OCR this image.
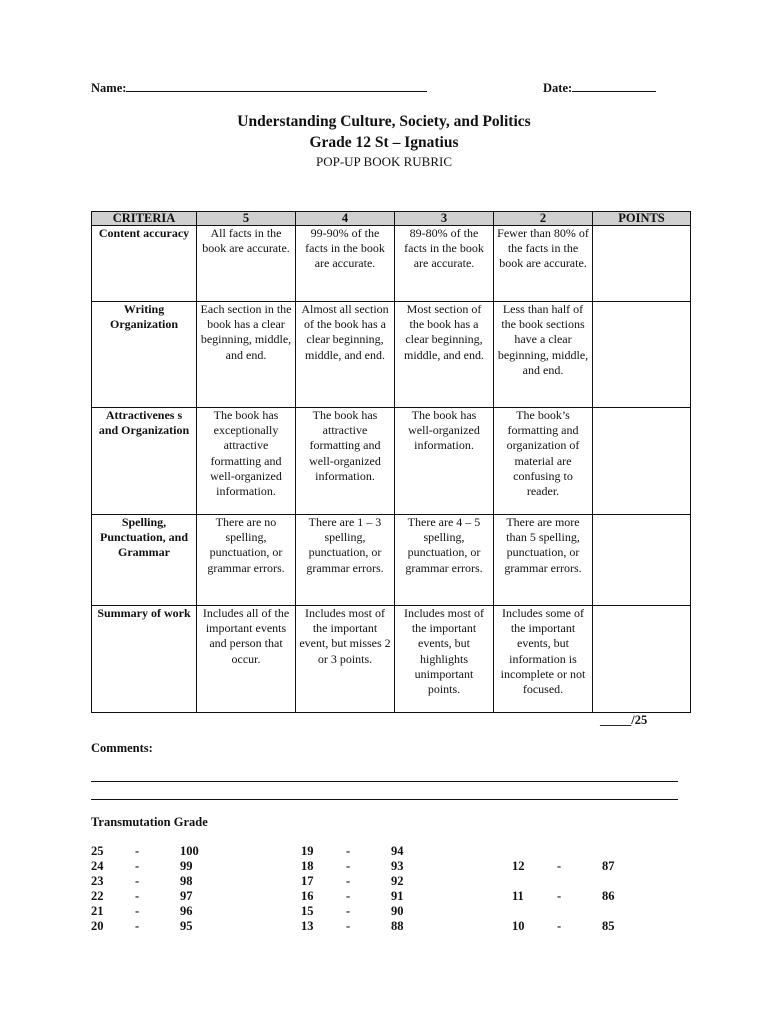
Name:	Date:
Understanding Culture, Society, and Politics
Grade 12 St – Ignatius
POP-UP BOOK RUBRIC
CRITERIA	5	4	3	2	POINTS
Content accuracy	All facts in the book are accurate.	99-90% of the facts in the book are accurate.	89-80% of the facts in the book are accurate.	Fewer than 80% of the facts in the book are accurate.	
Writing Organization	Each section in the book has a clear beginning, middle, and end.	Almost all section of the book has a clear beginning, middle, and end.	Most section of the book has a clear beginning, middle, and end.	Less than half of the book sections have a clear beginning, middle, and end.	
Attractivenes s and Organization	The book has exceptionally attractive formatting and well-organized information.	The book has attractive formatting and well-organized information.	The book has well-organized information.	The book’s formatting and organization of material are confusing to reader.	
Spelling, Punctuation, and Grammar	There are no spelling, punctuation, or grammar errors.	There are 1 – 3 spelling, punctuation, or grammar errors.	There are 4 – 5 spelling, punctuation, or grammar errors.	There are more than 5 spelling, punctuation, or grammar errors.	
Summary of work	Includes all of the important events and person that occur.	Includes most of the important event, but misses 2 or 3 points.	Includes most of the important events, but highlights unimportant points.	Includes some of the important events, but information is incomplete or not focused.	
_____/25
Comments:
Transmutation Grade
25	-	100
24	-	99
23	-	98
22	-	97
21	-	96
20	-	95
19	-	94
18	-	93
17	-	92
16	-	91
15	-	90
13	-	88
12	-	87
11	-	86
10	-	85
